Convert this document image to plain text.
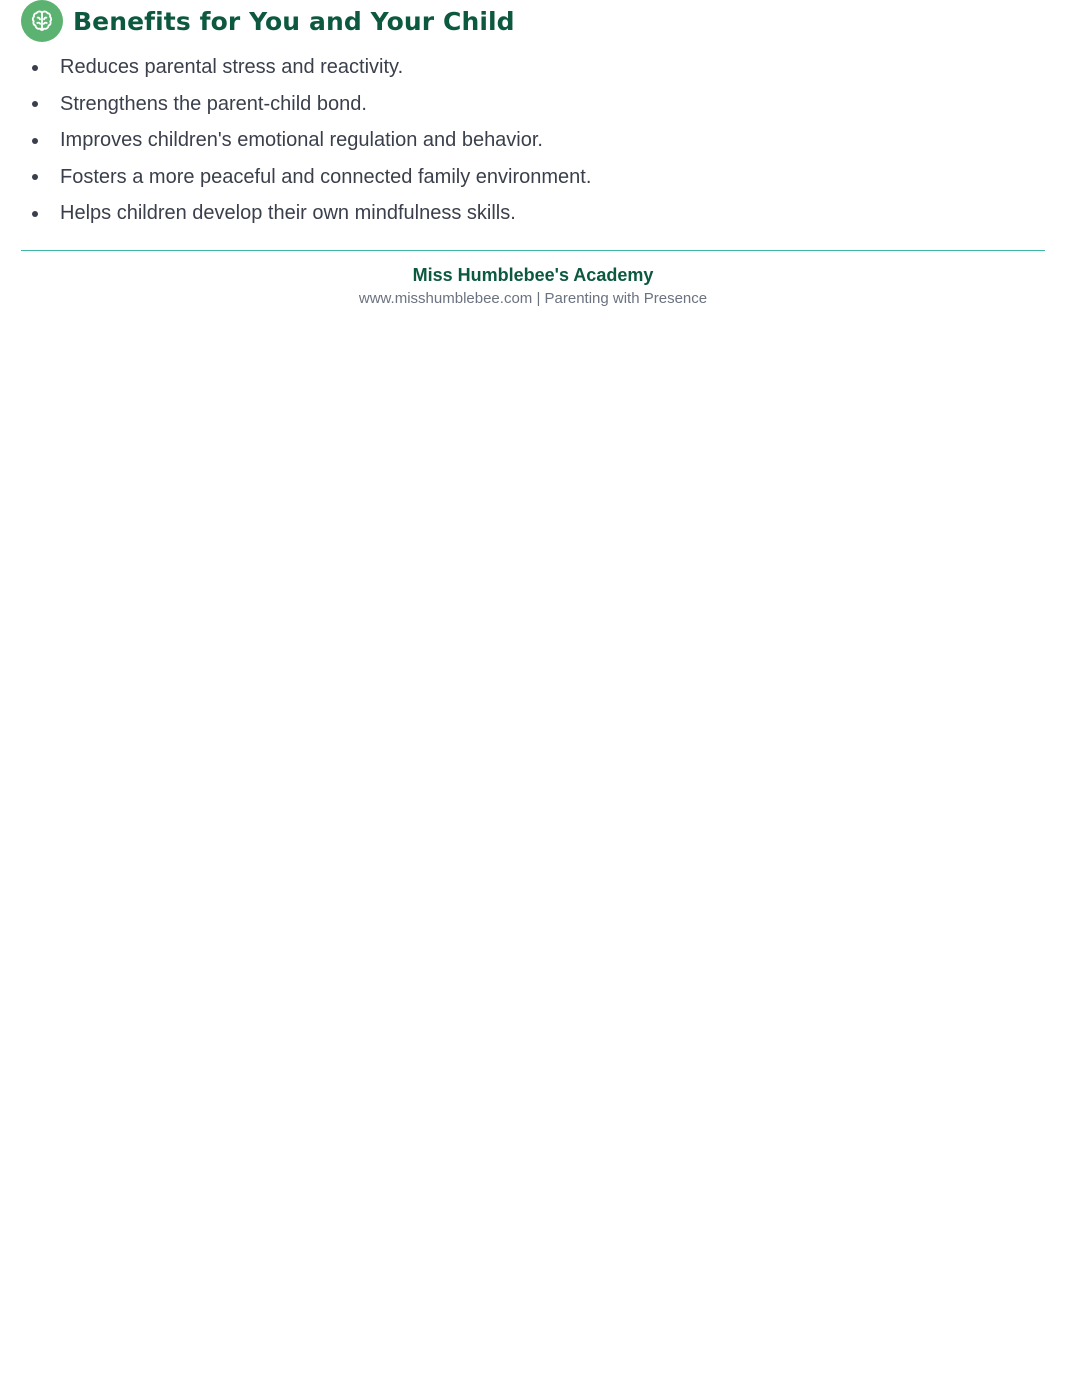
Benefits for You and Your Child
Reduces parental stress and reactivity.
Strengthens the parent-child bond.
Improves children's emotional regulation and behavior.
Fosters a more peaceful and connected family environment.
Helps children develop their own mindfulness skills.
Miss Humblebee's Academy
www.misshumblebee.com | Parenting with Presence
